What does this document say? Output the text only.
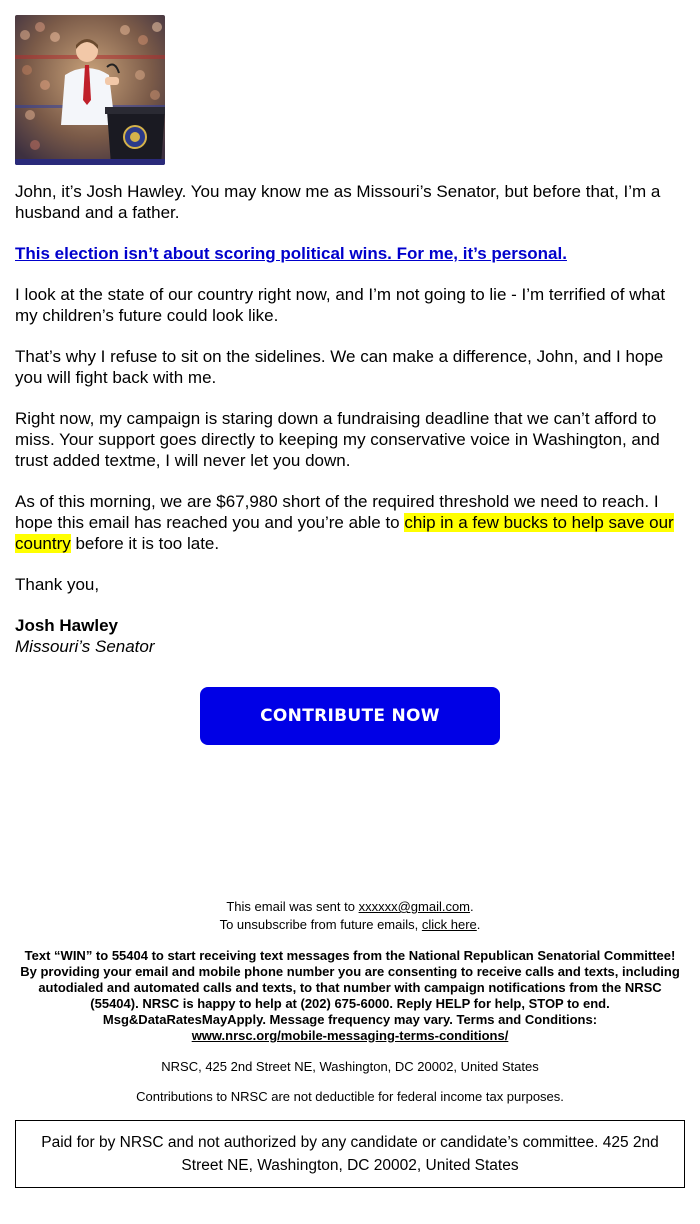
John, it’s Josh Hawley. You may know me as Missouri’s Senator, but before that, I’m a husband and a father.

This election isn’t about scoring political wins. For me, it’s personal.

I look at the state of our country right now, and I’m not going to lie - I’m terrified of what my children’s future could look like.

That’s why I refuse to sit on the sidelines. We can make a difference, John, and I hope you will fight back with me.

Right now, my campaign is staring down a fundraising deadline that we can’t afford to miss. Your support goes directly to keeping my conservative voice in Washington, and trust added textme, I will never let you down.

As of this morning, we are $67,980 short of the required threshold we need to reach. I hope this email has reached you and you’re able to chip in a few bucks to help save our country before it is too late.

Thank you,

Josh Hawley

Missouri’s Senator

CONTRIBUTE NOW

This email was sent to xxxxxx@gmail.com.

To unsubscribe from future emails, click here.

Text “WIN” to 55404 to start receiving text messages from the National Republican Senatorial Committee! By providing your email and mobile phone number you are consenting to receive calls and texts, including autodialed and automated calls and texts, to that number with campaign notifications from the NRSC (55404). NRSC is happy to help at (202) 675-6000. Reply HELP for help, STOP to end. Msg&DataRatesMayApply. Message frequency may vary. Terms and Conditions:
www.nrsc.org/mobile-messaging-terms-conditions/

NRSC, 425 2nd Street NE, Washington, DC 20002, United States

Contributions to NRSC are not deductible for federal income tax purposes.

Paid for by NRSC and not authorized by any candidate or candidate’s committee. 425 2nd Street NE, Washington, DC 20002, United States
